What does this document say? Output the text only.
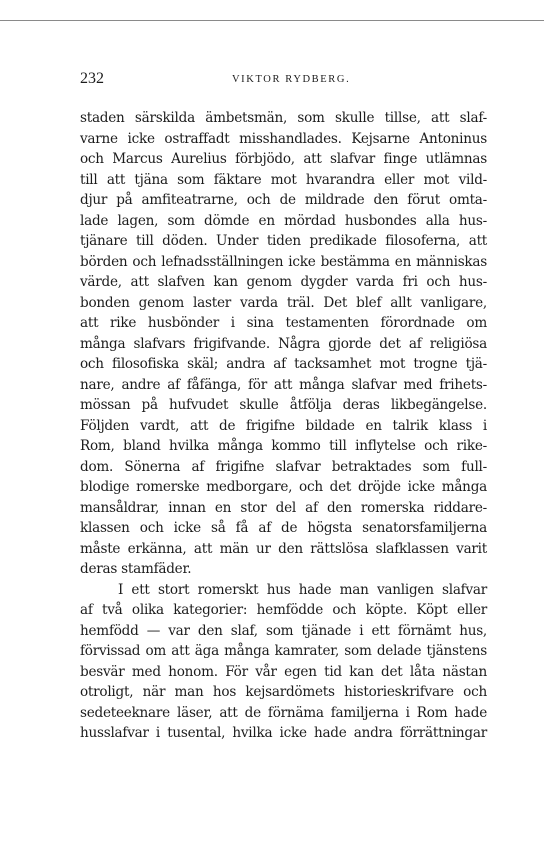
232	VIKTOR RYDBERG.
staden särskilda ämbetsmän, som skulle tillse, att slaf-
varne icke ostraffadt misshandlades. Kejsarne Antoninus
och Marcus Aurelius förbjödo, att slafvar finge utlämnas
till att tjäna som fäktare mot hvarandra eller mot vild-
djur på amfiteatrarne, och de mildrade den förut omta-
lade lagen, som dömde en mördad husbondes alla hus-
tjänare till döden. Under tiden predikade filosoferna, att
börden och lefnadsställningen icke bestämma en människas
värde, att slafven kan genom dygder varda fri och hus-
bonden genom laster varda träl. Det blef allt vanligare,
att rike husbönder i sina testamenten förordnade om
många slafvars frigifvande. Några gjorde det af religiösa
och filosofiska skäl; andra af tacksamhet mot trogne tjä-
nare, andre af fåfänga, för att många slafvar med frihets-
mössan på hufvudet skulle åtfölja deras likbegängelse.
Följden vardt, att de frigifne bildade en talrik klass i
Rom, bland hvilka många kommo till inflytelse och rike-
dom. Sönerna af frigifne slafvar betraktades som full-
blodige romerske medborgare, och det dröjde icke många
mansåldrar, innan en stor del af den romerska riddare-
klassen och icke så få af de högsta senatorsfamiljerna
måste erkänna, att män ur den rättslösa slafklassen varit
deras stamfäder.
I ett stort romerskt hus hade man vanligen slafvar
af två olika kategorier: hemfödde och köpte. Köpt eller
hemfödd — var den slaf, som tjänade i ett förnämt hus,
förvissad om att äga många kamrater, som delade tjänstens
besvär med honom. För vår egen tid kan det låta nästan
otroligt, när man hos kejsardömets historieskrifvare och
sedeteeknare läser, att de förnäma familjerna i Rom hade
husslafvar i tusental, hvilka icke hade andra förrättningar
